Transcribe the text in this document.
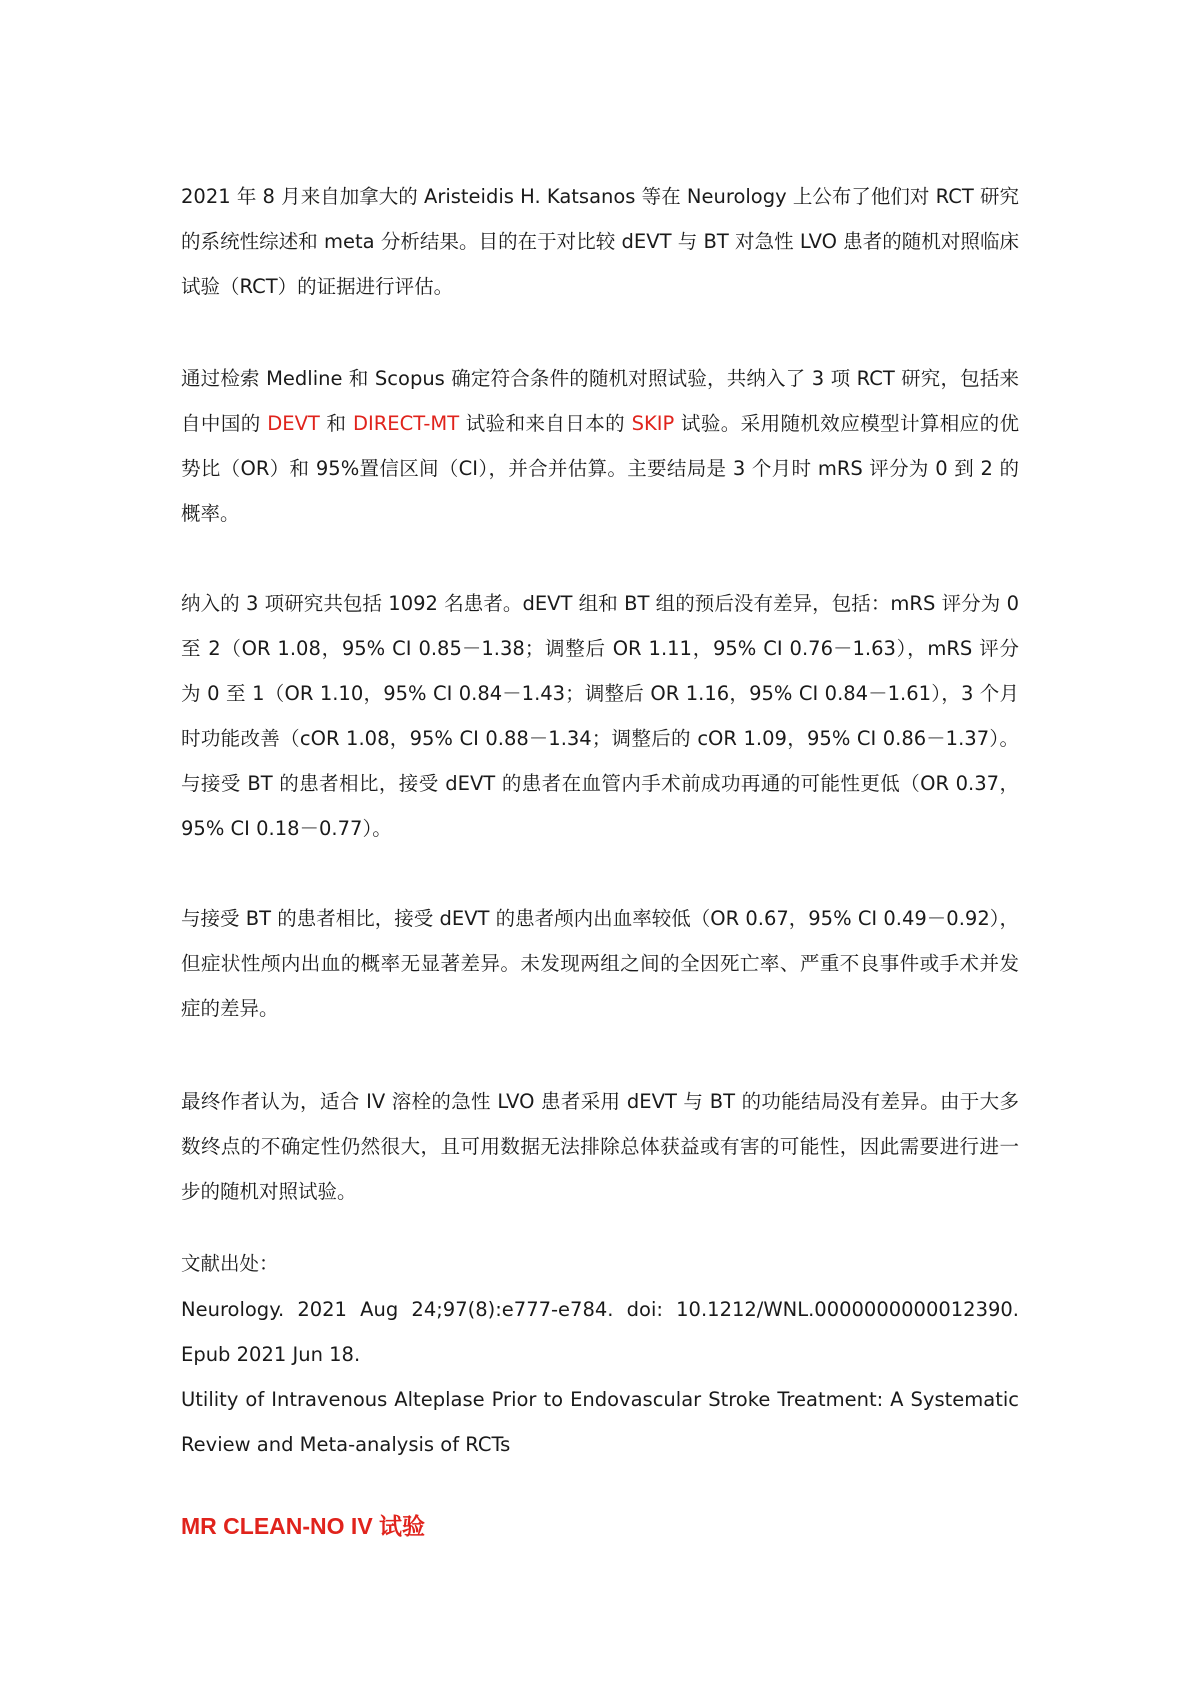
2021 年 8 月来自加拿大的 Aristeidis H. Katsanos 等在 Neurology 上公布了他们对 RCT 研究的系统性综述和 meta 分析结果。目的在于对比较 dEVT 与 BT 对急性 LVO 患者的随机对照临床试验（RCT）的证据进行评估。

通过检索 Medline 和 Scopus 确定符合条件的随机对照试验，共纳入了 3 项 RCT 研究，包括来自中国的 DEVT 和 DIRECT-MT 试验和来自日本的 SKIP 试验。采用随机效应模型计算相应的优势比（OR）和 95%置信区间（CI），并合并估算。主要结局是 3 个月时 mRS 评分为 0 到 2 的概率。

纳入的 3 项研究共包括 1092 名患者。dEVT 组和 BT 组的预后没有差异，包括：mRS 评分为 0 至 2（OR 1.08，95% CI 0.85－1.38；调整后 OR 1.11，95% CI 0.76－1.63），mRS 评分为 0 至 1（OR 1.10，95% CI 0.84－1.43；调整后 OR 1.16，95% CI 0.84－1.61），3 个月时功能改善（cOR 1.08，95% CI 0.88－1.34；调整后的 cOR 1.09，95% CI 0.86－1.37）。与接受 BT 的患者相比，接受 dEVT 的患者在血管内手术前成功再通的可能性更低（OR 0.37，95% CI 0.18－0.77）。

与接受 BT 的患者相比，接受 dEVT 的患者颅内出血率较低（OR 0.67，95% CI 0.49－0.92），但症状性颅内出血的概率无显著差异。未发现两组之间的全因死亡率、严重不良事件或手术并发症的差异。

最终作者认为，适合 IV 溶栓的急性 LVO 患者采用 dEVT 与 BT 的功能结局没有差异。由于大多数终点的不确定性仍然很大，且可用数据无法排除总体获益或有害的可能性，因此需要进行进一步的随机对照试验。

文献出处：
Neurology. 2021 Aug 24;97(8):e777-e784. doi: 10.1212/WNL.0000000000012390. Epub 2021 Jun 18.
Utility of Intravenous Alteplase Prior to Endovascular Stroke Treatment: A Systematic Review and Meta-analysis of RCTs
MR CLEAN-NO IV 试验
